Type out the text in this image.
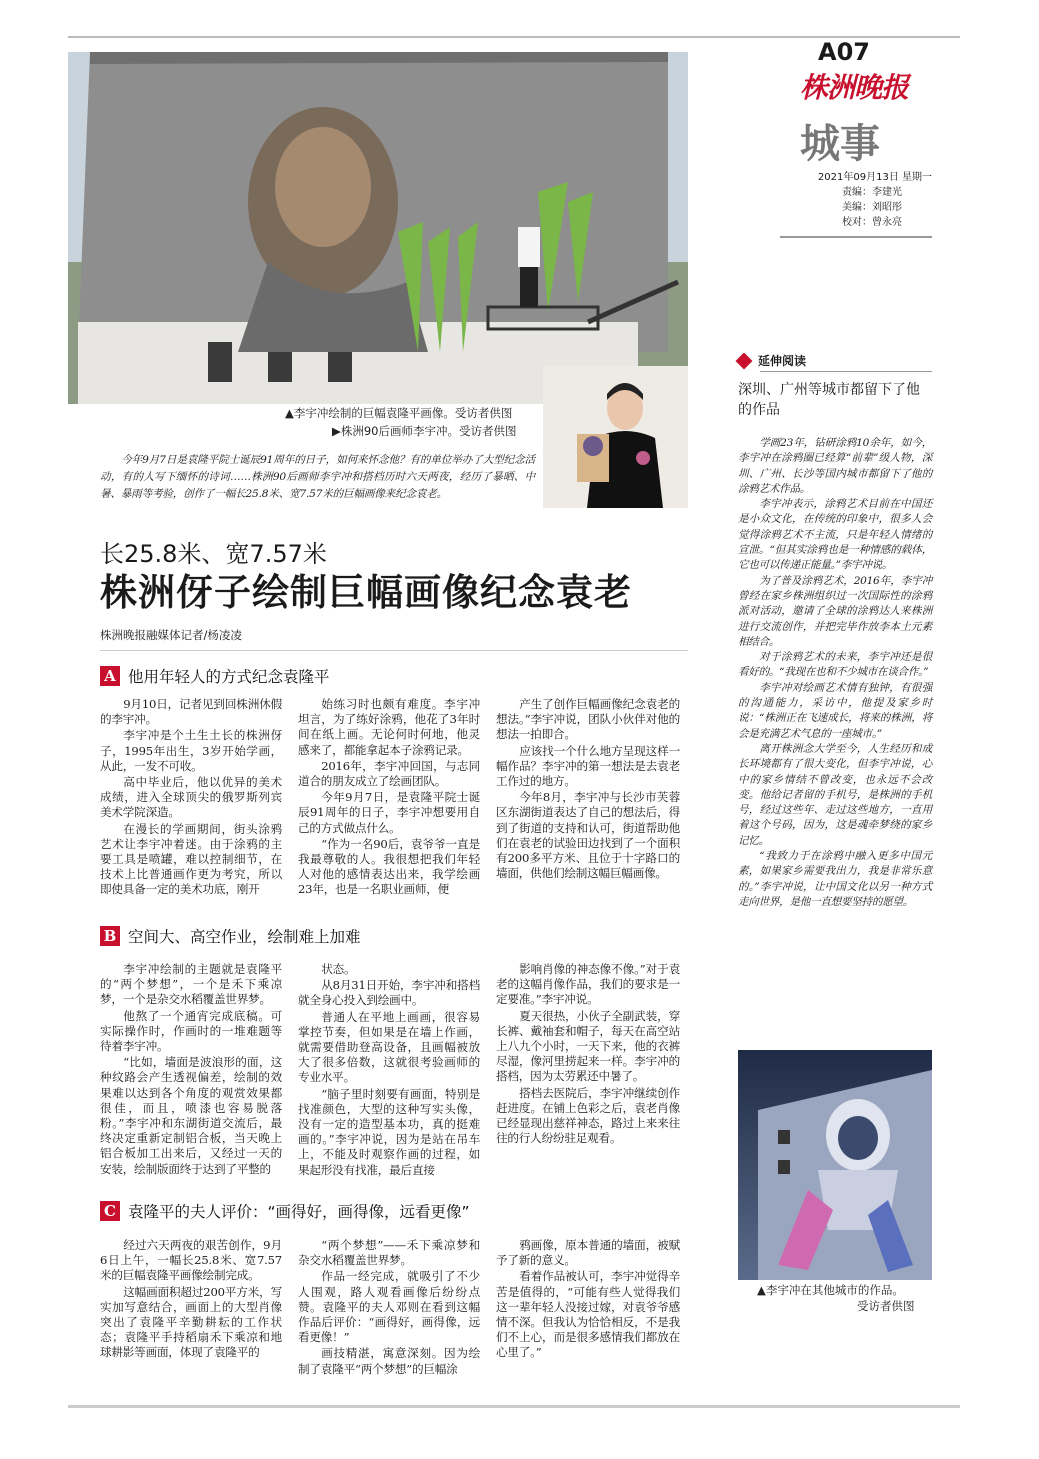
A07
株洲晚报
城事
2021年09月13日 星期一
责编：李建光
美编：刘昭彤
校对：曾永亮
▲李宇冲绘制的巨幅袁隆平画像。受访者供图
▶株洲90后画师李宇冲。受访者供图
今年9月7日是袁隆平院士诞辰91周年的日子，如何来怀念他？有的单位举办了大型纪念活动，有的人写下缅怀的诗词……株洲90后画师李宇冲和搭档历时六天两夜，经历了暴晒、中暑、暴雨等考验，创作了一幅长25.8米、宽7.57米的巨幅画像来纪念袁老。
长25.8米、宽7.57米
株洲伢子绘制巨幅画像纪念袁老
株洲晚报融媒体记者/杨凌凌
A 他用年轻人的方式纪念袁隆平

9月10日，记者见到回株洲休假的李宇冲。

李宇冲是个土生土长的株洲伢子，1995年出生，3岁开始学画，从此，一发不可收。

高中毕业后，他以优异的美术成绩，进入全球顶尖的俄罗斯列宾美术学院深造。

在漫长的学画期间，街头涂鸦艺术让李宇冲着迷。由于涂鸦的主要工具是喷罐，难以控制细节，在技术上比普通画作更为考究，所以即使具备一定的美术功底，刚开

始练习时也颇有难度。李宇冲坦言，为了练好涂鸦，他花了3年时间在纸上画。无论何时何地，他灵感来了，都能拿起本子涂鸦记录。

2016年，李宇冲回国，与志同道合的朋友成立了绘画团队。

今年9月7日，是袁隆平院士诞辰91周年的日子，李宇冲想要用自己的方式做点什么。

“作为一名90后，袁爷爷一直是我最尊敬的人。我很想把我们年轻人对他的感情表达出来，我学绘画23年，也是一名职业画师，便

产生了创作巨幅画像纪念袁老的想法。”李宇冲说，团队小伙伴对他的想法一拍即合。

应该找一个什么地方呈现这样一幅作品？李宇冲的第一想法是去袁老工作过的地方。

今年8月，李宇冲与长沙市芙蓉区东湖街道表达了自己的想法后，得到了街道的支持和认可，街道帮助他们在袁老的试验田边找到了一个面积有200多平方米、且位于十字路口的墙面，供他们绘制这幅巨幅画像。

B 空间大、高空作业，绘制难上加难

李宇冲绘制的主题就是袁隆平的“两个梦想”，一个是禾下乘凉梦，一个是杂交水稻覆盖世界梦。

他熬了一个通宵完成底稿。可实际操作时，作画时的一堆难题等待着李宇冲。

“比如，墙面是波浪形的面，这种纹路会产生透视偏差，绘制的效果难以达到各个角度的观赏效果都很佳，而且，喷漆也容易脱落粉。”李宇冲和东湖街道交流后，最终决定重新定制铝合板，当天晚上铝合板加工出来后，又经过一天的安装，绘制版面终于达到了平整的

状态。

从8月31日开始，李宇冲和搭档就全身心投入到绘画中。

普通人在平地上画画，很容易掌控节奏，但如果是在墙上作画，就需要借助登高设备，且画幅被放大了很多倍数，这就很考验画师的专业水平。

“脑子里时刻要有画面，特别是找准颜色，大型的这种写实头像，没有一定的造型基本功，真的挺难画的。”李宇冲说，因为是站在吊车上，不能及时观察作画的过程，如果起形没有找准，最后直接

影响肖像的神态像不像。”对于袁老的这幅肖像作品，我们的要求是一定要准。”李宇冲说。

夏天很热，小伙子全副武装，穿长裤、戴袖套和帽子，每天在高空站上八九个小时，一天下来，他的衣裤尽湿，像河里捞起来一样。李宇冲的搭档，因为太劳累还中暑了。

搭档去医院后，李宇冲继续创作赶进度。在铺上色彩之后，袁老肖像已经显现出慈祥神态，路过上来来往往的行人纷纷驻足观看。

C 袁隆平的夫人评价：“画得好，画得像，远看更像”

经过六天两夜的艰苦创作，9月6日上午，一幅长25.8米、宽7.57米的巨幅袁隆平画像绘制完成。

这幅画面积超过200平方米，写实加写意结合，画面上的大型肖像突出了袁隆平辛勤耕耘的工作状态；袁隆平手持稻扇禾下乘凉和地球耕影等画面，体现了袁隆平的

“两个梦想”——禾下乘凉梦和杂交水稻覆盖世界梦。

作品一经完成，就吸引了不少人围观，路人观看画像后纷纷点赞。袁隆平的夫人邓则在看到这幅作品后评价：“画得好，画得像，远看更像！”

画技精湛，寓意深刻。因为绘制了袁隆平“两个梦想”的巨幅涂

鸦画像，原本普通的墙面，被赋予了新的意义。

看着作品被认可，李宇冲觉得辛苦是值得的，“可能有些人觉得我们这一辈年轻人没接过嫁，对袁爷爷感情不深。但我认为恰恰相反，不是我们不上心，而是很多感情我们都放在心里了。”

延伸阅读
深圳、广州等城市都留下了他的作品

学画23年，钻研涂鸦10余年，如今，李宇冲在涂鸦圈已经算“前辈”级人物，深圳、广州、长沙等国内城市都留下了他的涂鸦艺术作品。

李宇冲表示，涂鸦艺术目前在中国还是小众文化，在传统的印象中，很多人会觉得涂鸦艺术不主流，只是年轻人情绪的宣泄。“但其实涂鸦也是一种情感的载体，它也可以传递正能量。”李宇冲说。

为了普及涂鸦艺术，2016年，李宇冲曾经在家乡株洲组织过一次国际性的涂鸦派对活动，邀请了全球的涂鸦达人来株洲进行交流创作，并把完毕作放李本土元素相结合。

对于涂鸦艺术的未来，李宇冲还是很看好的。“我现在也和不少城市在谈合作。”

李宇冲对绘画艺术情有独钟，有很强的沟通能力，采访中，他提及家乡时说：“株洲正在飞速成长，将来的株洲，将会是充满艺术气息的一座城市。”

离开株洲念大学至今，人生经历和成长环境都有了很大变化，但李宇冲说，心中的家乡情结不曾改变，也永远不会改变。他给记者留的手机号，是株洲的手机号，经过这些年、走过这些地方，一直用着这个号码，因为，这是魂牵梦绕的家乡记忆。

“我致力于在涂鸦中融入更多中国元素，如果家乡需要我出力，我是非常乐意的。”李宇冲说，让中国文化以另一种方式走向世界，是他一直想要坚持的愿望。

▲李宇冲在其他城市的作品。
受访者供图
